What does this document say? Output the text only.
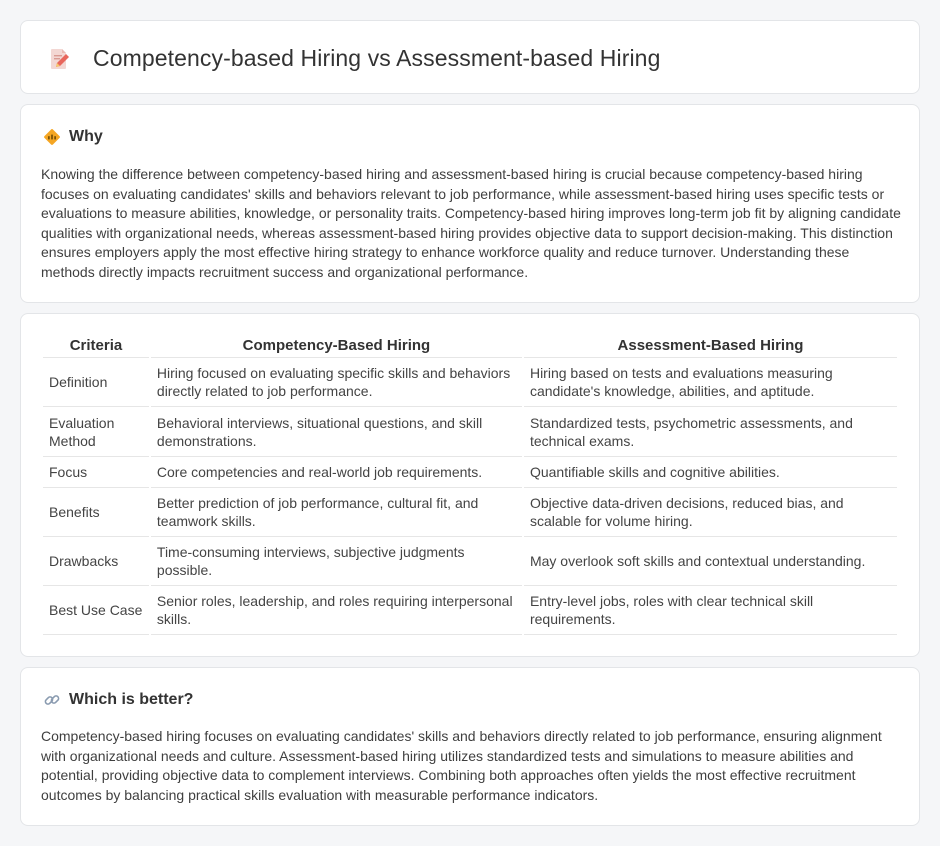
Competency-based Hiring vs Assessment-based Hiring
Why

Knowing the difference between competency-based hiring and assessment-based hiring is crucial because competency-based hiring focuses on evaluating candidates' skills and behaviors relevant to job performance, while assessment-based hiring uses specific tests or evaluations to measure abilities, knowledge, or personality traits. Competency-based hiring improves long-term job fit by aligning candidate qualities with organizational needs, whereas assessment-based hiring provides objective data to support decision-making. This distinction ensures employers apply the most effective hiring strategy to enhance workforce quality and reduce turnover. Understanding these methods directly impacts recruitment success and organizational performance.

Criteria	Competency-Based Hiring	Assessment-Based Hiring
Definition	Hiring focused on evaluating specific skills and behaviors directly related to job performance.	Hiring based on tests and evaluations measuring candidate's knowledge, abilities, and aptitude.
Evaluation Method	Behavioral interviews, situational questions, and skill demonstrations.	Standardized tests, psychometric assessments, and technical exams.
Focus	Core competencies and real-world job requirements.	Quantifiable skills and cognitive abilities.
Benefits	Better prediction of job performance, cultural fit, and teamwork skills.	Objective data-driven decisions, reduced bias, and scalable for volume hiring.
Drawbacks	Time-consuming interviews, subjective judgments possible.	May overlook soft skills and contextual understanding.
Best Use Case	Senior roles, leadership, and roles requiring interpersonal skills.	Entry-level jobs, roles with clear technical skill requirements.
Which is better?

Competency-based hiring focuses on evaluating candidates' skills and behaviors directly related to job performance, ensuring alignment with organizational needs and culture. Assessment-based hiring utilizes standardized tests and simulations to measure abilities and potential, providing objective data to complement interviews. Combining both approaches often yields the most effective recruitment outcomes by balancing practical skills evaluation with measurable performance indicators.
